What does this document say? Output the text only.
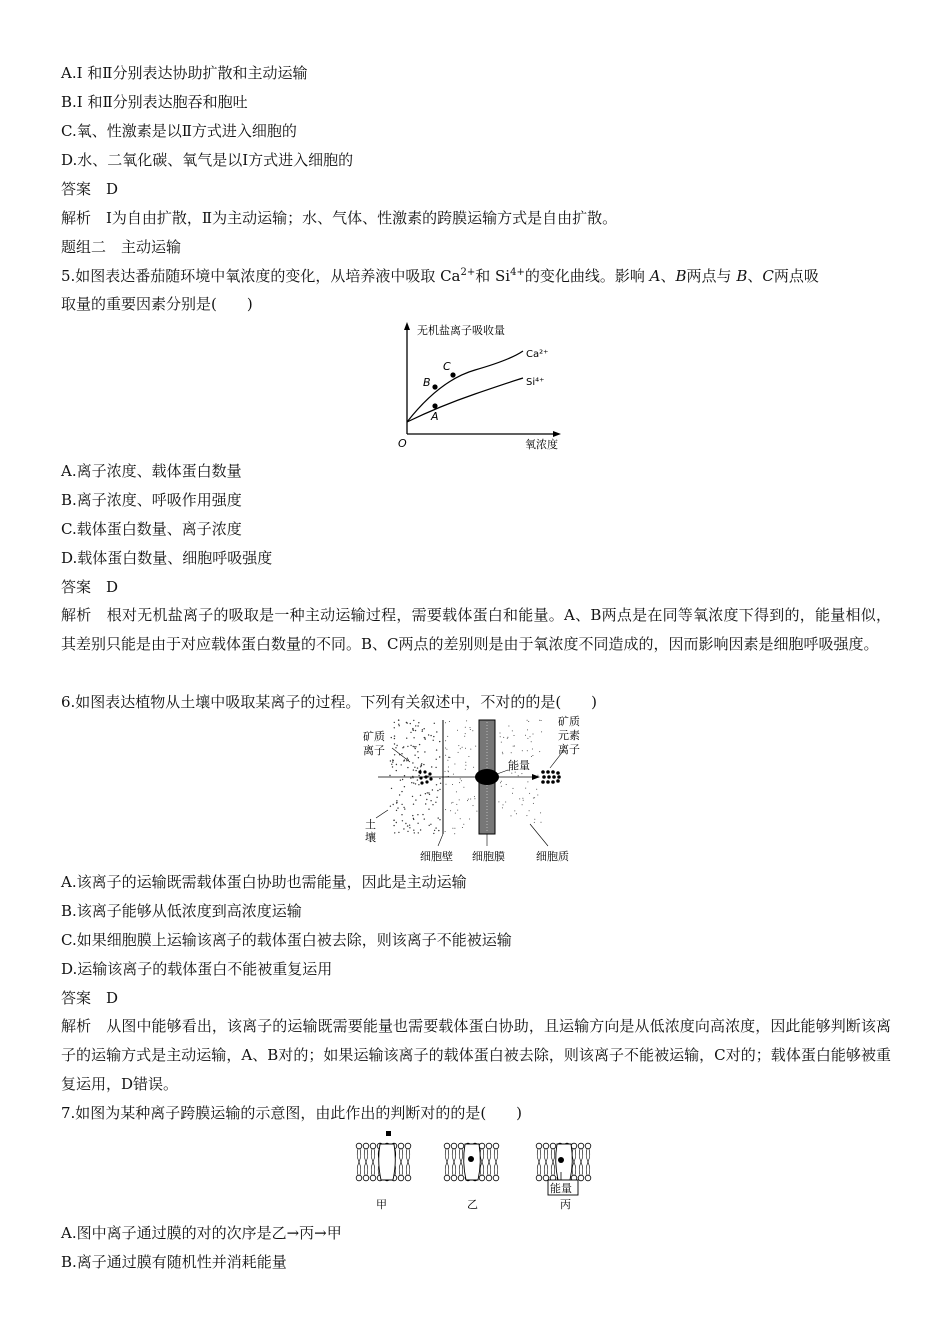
A.Ⅰ 和Ⅱ分别表达协助扩散和主动运输
B.Ⅰ 和Ⅱ分别表达胞吞和胞吐
C.氧、性激素是以Ⅱ方式进入细胞的
D.水、二氧化碳、氧气是以Ⅰ方式进入细胞的
答案　D
解析　Ⅰ为自由扩散，Ⅱ为主动运输；水、气体、性激素的跨膜运输方式是自由扩散。
题组二　主动运输
5.如图表达番茄随环境中氧浓度的变化，从培养液中吸取 $Ca^{2+}$和 $Si^{4+}$的变化曲线。影响 A、B两点与 B、C两点吸
取量的重要因素分别是(　　)
无机盐离子吸收量
氧浓度
O
Ca²⁺
Si⁴⁺
A
B
C
A.离子浓度、载体蛋白数量
B.离子浓度、呼吸作用强度
C.载体蛋白数量、离子浓度
D.载体蛋白数量、细胞呼吸强度
答案　D
解析　根对无机盐离子的吸取是一种主动运输过程，需要载体蛋白和能量。A、B两点是在同等氧浓度下得到的，能量相似，其差别只能是由于对应载体蛋白数量的不同。B、C两点的差别则是由于氧浓度不同造成的，因而影响因素是细胞呼吸强度。
6.如图表达植物从土壤中吸取某离子的过程。下列有关叙述中，不对的的是(　　)
矿质
离子
土
壤
能量
矿质
元素
离子
细胞壁 细胞膜	细胞质
A.该离子的运输既需载体蛋白协助也需能量，因此是主动运输
B.该离子能够从低浓度到高浓度运输
C.如果细胞膜上运输该离子的载体蛋白被去除，则该离子不能被运输
D.运输该离子的载体蛋白不能被重复运用
答案　D
解析　从图中能够看出，该离子的运输既需要能量也需要载体蛋白协助，且运输方向是从低浓度向高浓度，因此能够判断该离子的运输方式是主动运输，A、B对的；如果运输该离子的载体蛋白被去除，则该离子不能被运输，C对的；载体蛋白能够被重复运用，D错误。
7.如图为某种离子跨膜运输的示意图，由此作出的判断对的的是(　　)
能量
甲	乙	丙
A.图中离子通过膜的对的次序是乙→丙→甲
B.离子通过膜有随机性并消耗能量
